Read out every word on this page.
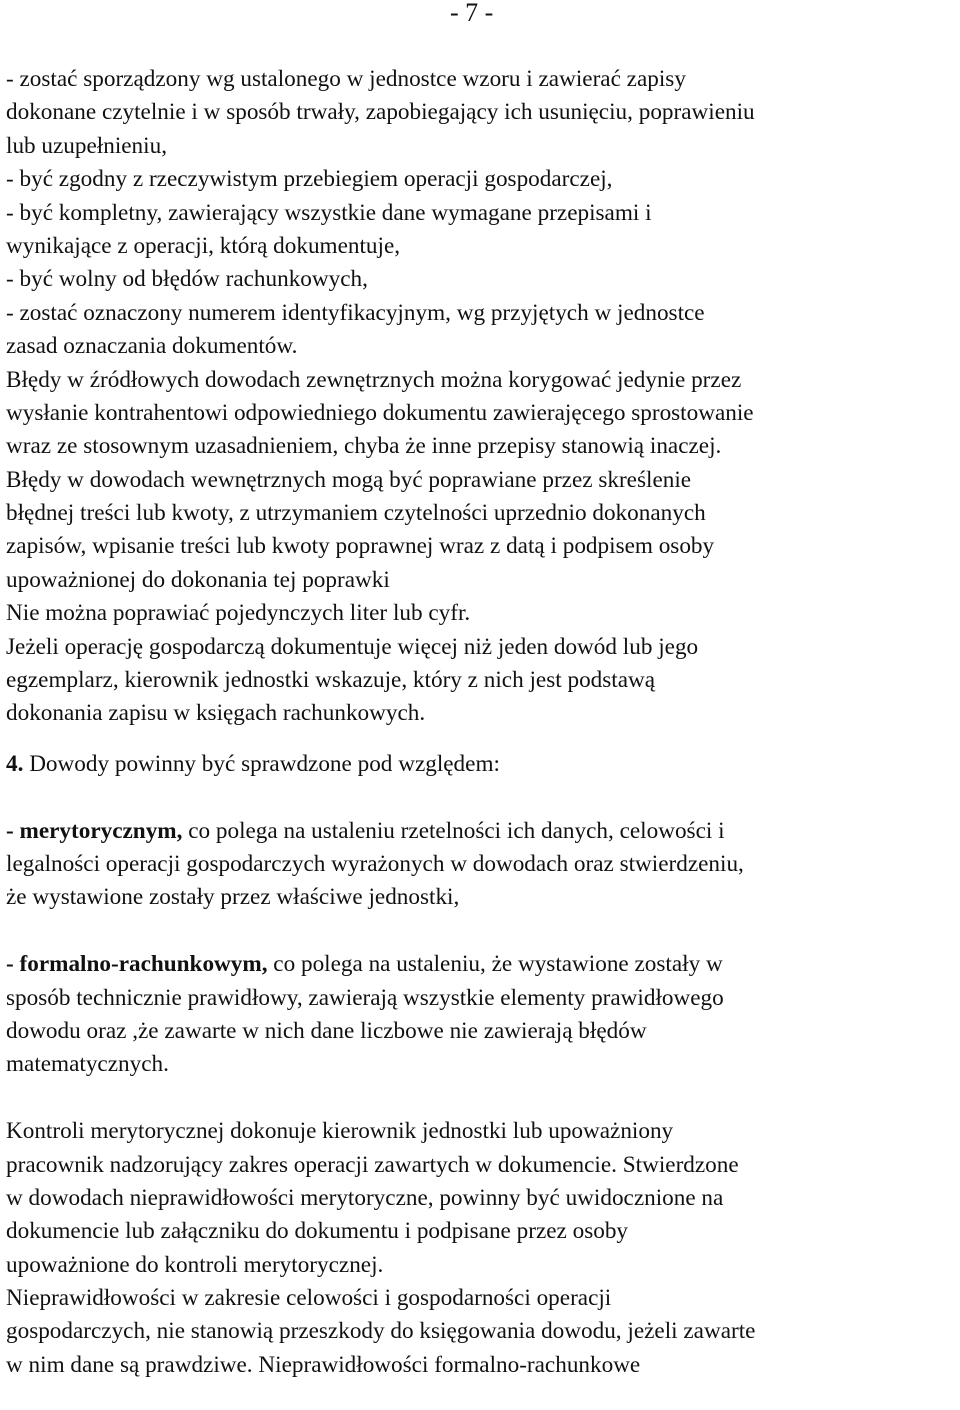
- 7 -
- zostać sporządzony wg ustalonego w jednostce wzoru i zawierać zapisy
dokonane czytelnie i w sposób trwały, zapobiegający ich usunięciu, poprawieniu
lub uzupełnieniu,
- być zgodny z rzeczywistym przebiegiem operacji gospodarczej,
- być kompletny, zawierający wszystkie dane wymagane przepisami i
wynikające z operacji, którą dokumentuje,
- być wolny od błędów rachunkowych,
- zostać oznaczony numerem identyfikacyjnym, wg przyjętych w jednostce
zasad oznaczania dokumentów.
Błędy w źródłowych dowodach zewnętrznych można korygować jedynie przez
wysłanie kontrahentowi odpowiedniego dokumentu zawierajęcego sprostowanie
wraz ze stosownym uzasadnieniem, chyba że inne przepisy stanowią inaczej.
Błędy w dowodach wewnętrznych mogą być poprawiane przez skreślenie
błędnej treści lub kwoty, z utrzymaniem czytelności uprzednio dokonanych
zapisów, wpisanie treści lub kwoty poprawnej wraz z datą i podpisem osoby
upoważnionej do dokonania tej poprawki
Nie można poprawiać pojedynczych liter lub cyfr.
Jeżeli operację gospodarczą dokumentuje więcej niż jeden dowód lub jego
egzemplarz, kierownik jednostki wskazuje, który z nich jest podstawą
dokonania zapisu w księgach rachunkowych.
4. Dowody powinny być sprawdzone pod względem:
- merytorycznym, co polega na ustaleniu rzetelności ich danych, celowości i
legalności operacji gospodarczych wyrażonych w dowodach oraz stwierdzeniu,
że wystawione zostały przez właściwe jednostki,
- formalno-rachunkowym, co polega na ustaleniu, że wystawione zostały w
sposób technicznie prawidłowy, zawierają wszystkie elementy prawidłowego
dowodu oraz ,że zawarte w nich dane liczbowe nie zawierają błędów
matematycznych.
Kontroli merytorycznej dokonuje kierownik jednostki lub upoważniony
pracownik nadzorujący zakres operacji zawartych w dokumencie. Stwierdzone
w dowodach nieprawidłowości merytoryczne, powinny być uwidocznione na
dokumencie lub załączniku do dokumentu i podpisane przez osoby
upoważnione do kontroli merytorycznej.
Nieprawidłowości w zakresie celowości i gospodarności operacji
gospodarczych, nie stanowią przeszkody do księgowania dowodu, jeżeli zawarte
w nim dane są prawdziwe. Nieprawidłowości formalno-rachunkowe
